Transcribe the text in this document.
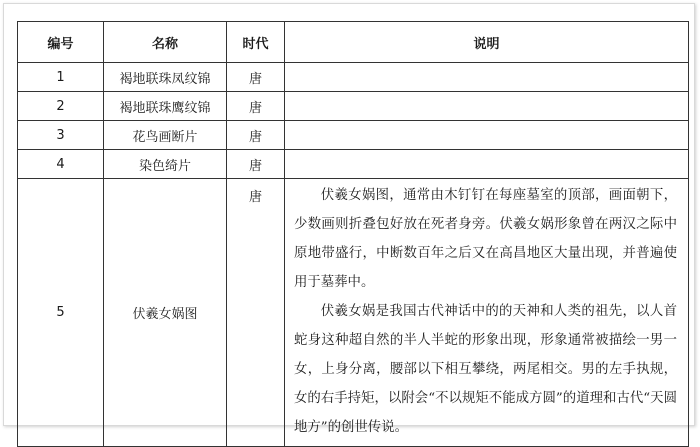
编号	名称	时代	说明
1	褐地联珠凤纹锦	唐	
2	褐地联珠鹰纹锦	唐	
3	花鸟画断片	唐	
4	染色绮片	唐	
5	伏羲女娲图	唐	伏羲女娲图，通常由木钉钉在每座墓室的顶部，画面朝下，少数画则折叠包好放在死者身旁。伏羲女娲形象曾在两汉之际中原地带盛行，中断数百年之后又在高昌地区大量出现，并普遍使用于墓葬中。

伏羲女娲是我国古代神话中的的天神和人类的祖先，以人首蛇身这种超自然的半人半蛇的形象出现，形象通常被描绘一男一女，上身分离，腰部以下相互攀绕，两尾相交。男的左手执规，女的右手持矩，以附会“不以规矩不能成方圆”的道理和古代“天圆地方”的创世传说。
